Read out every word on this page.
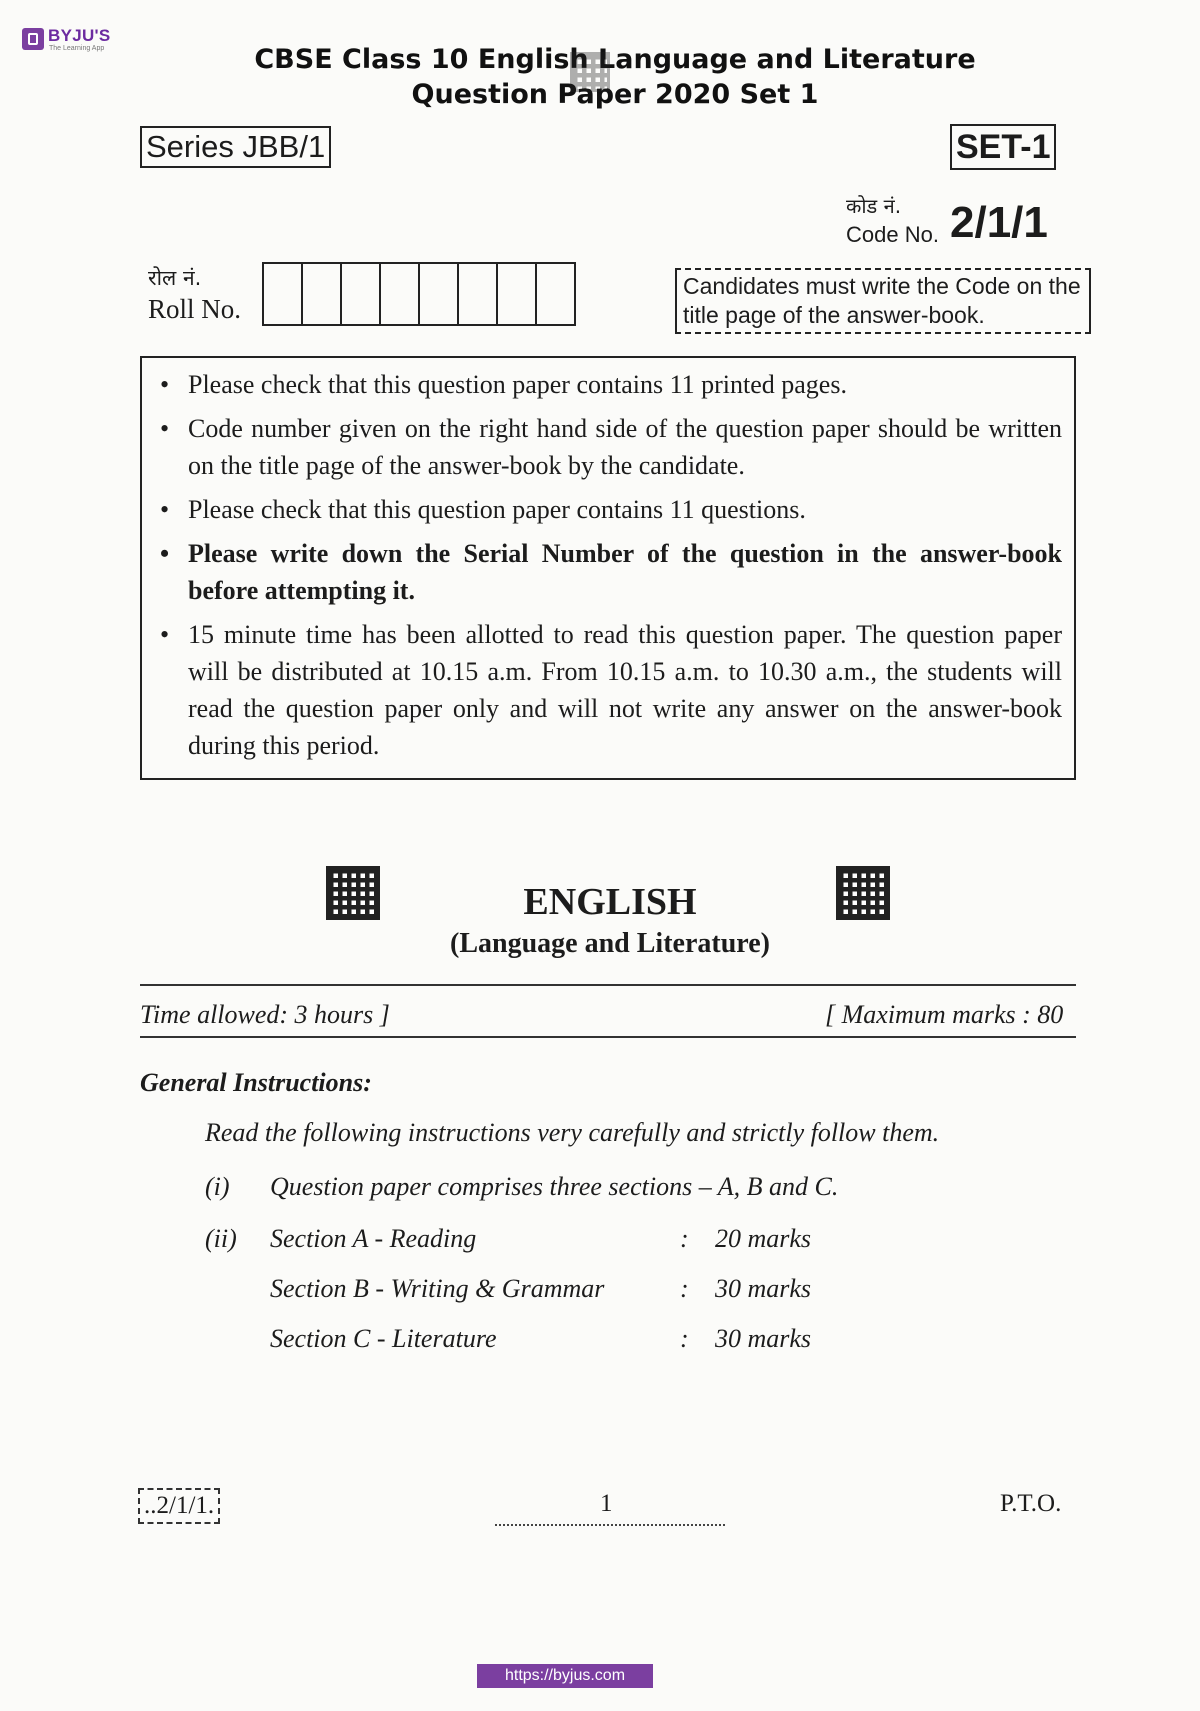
BYJU'S
The Learning App	CBSE Class 10 English Language and Literature
Question Paper 2020 Set 1
Series JBB/1	SET-1
कोड नं.
Code No. 2/1/1
रोल नं.
Roll No.
Candidates must write the Code on the title page of the answer-book.
• Please check that this question paper contains 11 printed pages.
• Code number given on the right hand side of the question paper should be written on the title page of the answer-book by the candidate.
• Please check that this question paper contains 11 questions.
• Please write down the Serial Number of the question in the answer-book before attempting it.
• 15 minute time has been allotted to read this question paper. The question paper will be distributed at 10.15 a.m. From 10.15 a.m. to 10.30 a.m., the students will read the question paper only and will not write any answer on the answer-book during this period.
ENGLISH
(Language and Literature)
Time allowed: 3 hours ]	[ Maximum marks : 80
General Instructions:
Read the following instructions very carefully and strictly follow them.
(i) Question paper comprises three sections – A, B and C.
(ii) Section A - Reading	: 20 marks
Section B - Writing & Grammar	: 30 marks
Section C - Literature	: 30 marks
..2/1/1.	1	P.T.O.
https://byjus.com
